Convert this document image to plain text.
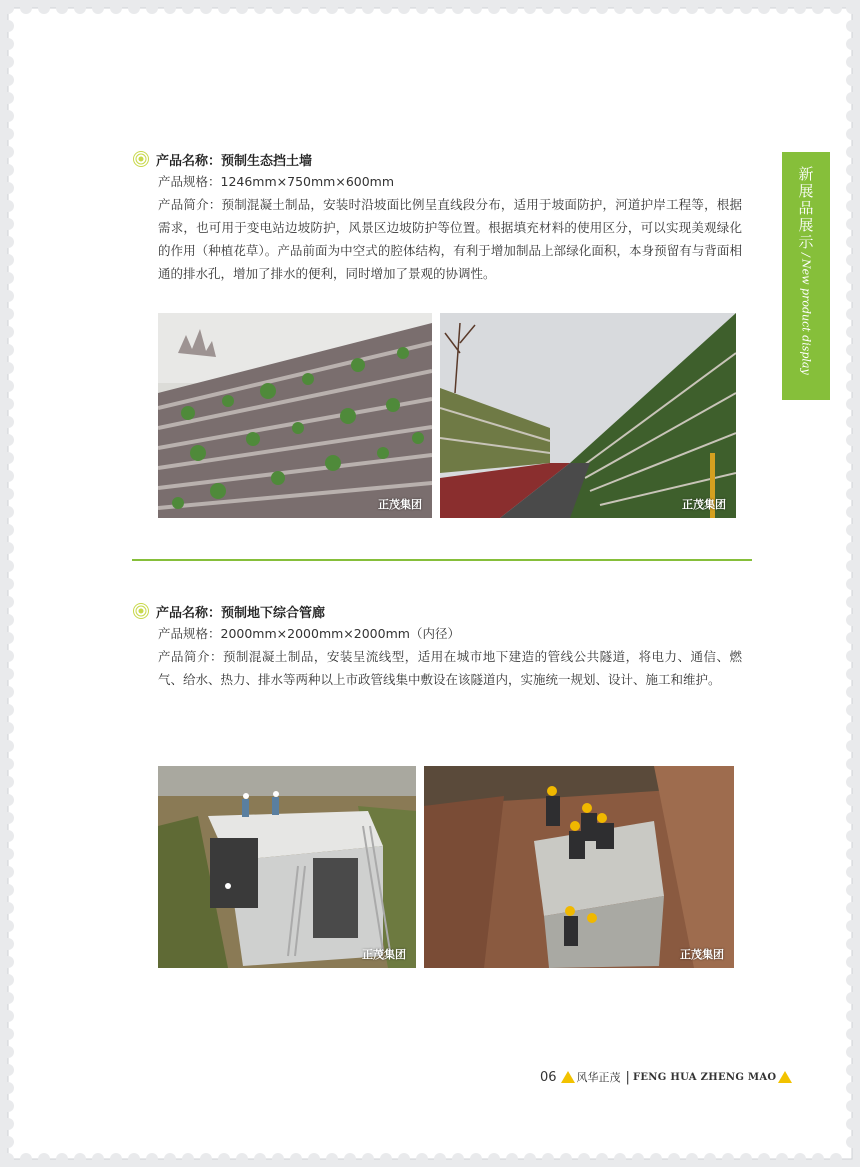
新展品展示
/
New product display
产品名称：预制生态挡土墙

产品规格：1246mm×750mm×600mm

产品简介：预制混凝土制品，安装时沿坡面比例呈直线段分布，适用于坡面防护，河道护岸工程等，根据需求，也可用于变电站边坡防护，风景区边坡防护等位置。根据填充材料的使用区分，可以实现美观绿化的作用（种植花草）。产品前面为中空式的腔体结构，有利于增加制品上部绿化面积，本身预留有与背面相通的排水孔，增加了排水的便利，同时增加了景观的协调性。

正茂集团	正茂集团
产品名称：预制地下综合管廊

产品规格：2000mm×2000mm×2000mm（内径）

产品简介：预制混凝土制品，安装呈流线型，适用在城市地下建造的管线公共隧道，将电力、通信、燃气、给水、热力、排水等两种以上市政管线集中敷设在该隧道内，实施统一规划、设计、施工和维护。

正茂集团	正茂集团
06 风华正茂 | FENG HUA ZHENG MAO
